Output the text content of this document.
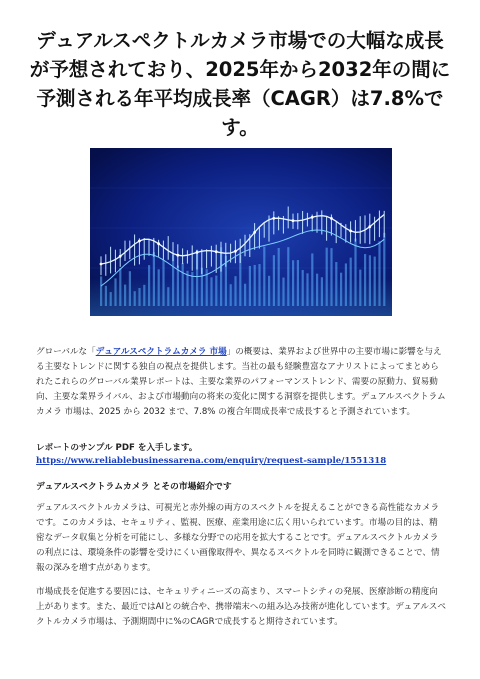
デュアルスペクトルカメラ市場での大幅な成長が予想されており、2025年から2032年の間に予測される年平均成長率（CAGR）は7.8%です。

グローバルな「デュアルスペクトラムカメラ 市場」の概要は、業界および世界中の主要市場に影響を与える主要なトレンドに関する独自の視点を提供します。当社の最も経験豊富なアナリストによってまとめられたこれらのグローバル業界レポートは、主要な業界のパフォーマンストレンド、需要の原動力、貿易動向、主要な業界ライバル、および市場動向の将来の変化に関する洞察を提供します。デュアルスペクトラムカメラ 市場は、2025 から 2032 まで、7.8% の複合年間成長率で成長すると予測されています。

レポートのサンプル PDF を入手します。 https://www.reliablebusinessarena.com/enquiry/request-sample/1551318

デュアルスペクトラムカメラ とその市場紹介です

デュアルスペクトルカメラは、可視光と赤外線の両方のスペクトルを捉えることができる高性能なカメラです。このカメラは、セキュリティ、監視、医療、産業用途に広く用いられています。市場の目的は、精密なデータ収集と分析を可能にし、多様な分野での応用を拡大することです。デュアルスペクトルカメラの利点には、環境条件の影響を受けにくい画像取得や、異なるスペクトルを同時に観測できることで、情報の深みを増す点があります。

市場成長を促進する要因には、セキュリティニーズの高まり、スマートシティの発展、医療診断の精度向上があります。また、最近ではAIとの統合や、携帯端末への組み込み技術が進化しています。デュアルスペクトルカメラ市場は、予測期間中に%のCAGRで成長すると期待されています。
